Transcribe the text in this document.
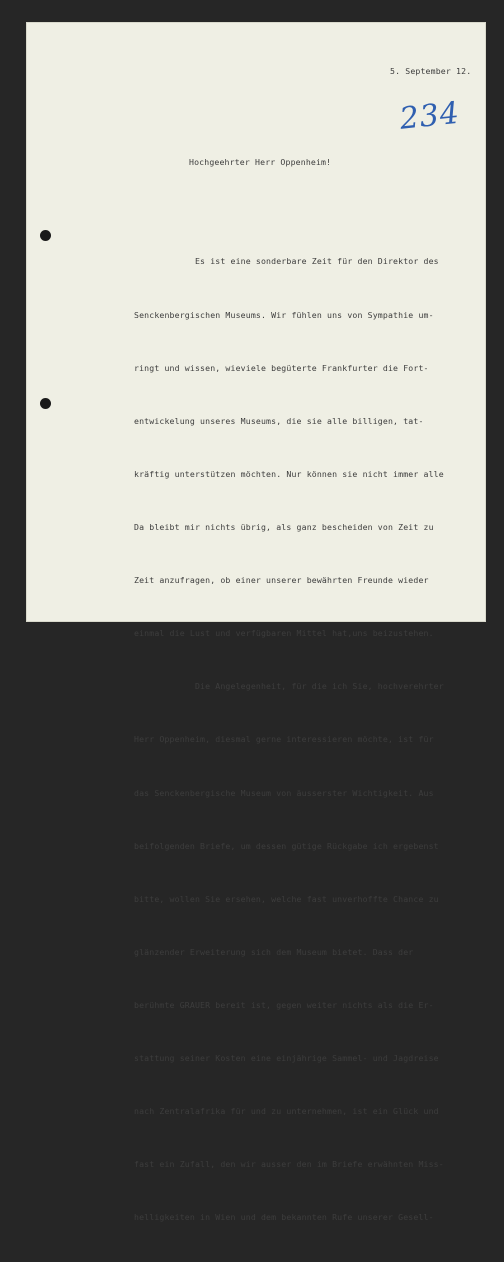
5. September 12.
234
Hochgeehrter Herr Oppenheim!

Es ist eine sonderbare Zeit für den Direktor des

Senckenbergischen Museums. Wir fühlen uns von Sympathie um-

ringt und wissen, wieviele begüterte Frankfurter die Fort-

entwickelung unseres Museums, die sie alle billigen, tat-

kräftig unterstützen möchten. Nur können sie nicht immer alle

Da bleibt mir nichts übrig, als ganz bescheiden von Zeit zu

Zeit anzufragen, ob einer unserer bewährten Freunde wieder

einmal die Lust und verfügbaren Mittel hat,uns beizustehen.

Die Angelegenheit, für die ich Sie, hochverehrter

Herr Oppenheim, diesmal gerne interessieren möchte, ist für

das Senckenbergische Museum von äusserster Wichtigkeit. Aus

beifolgenden Briefe, um dessen gütige Rückgabe ich ergebenst

bitte, wollen Sie ersehen, welche fast unverhoffte Chance zu

glänzender Erweiterung sich dem Museum bietet. Dass der

berühmte GRAUER bereit ist, gegen weiter nichts als die Er-

stattung seiner Kosten eine einjährige Sammel- und Jagdreise

nach Zentralafrika für und zu unternehmen, ist ein Glück und

fast ein Zufall, den wir ausser den im Briefe erwähnten Miss-

helligkeiten in Wien und dem bekannten Rufe unserer Gesell-
